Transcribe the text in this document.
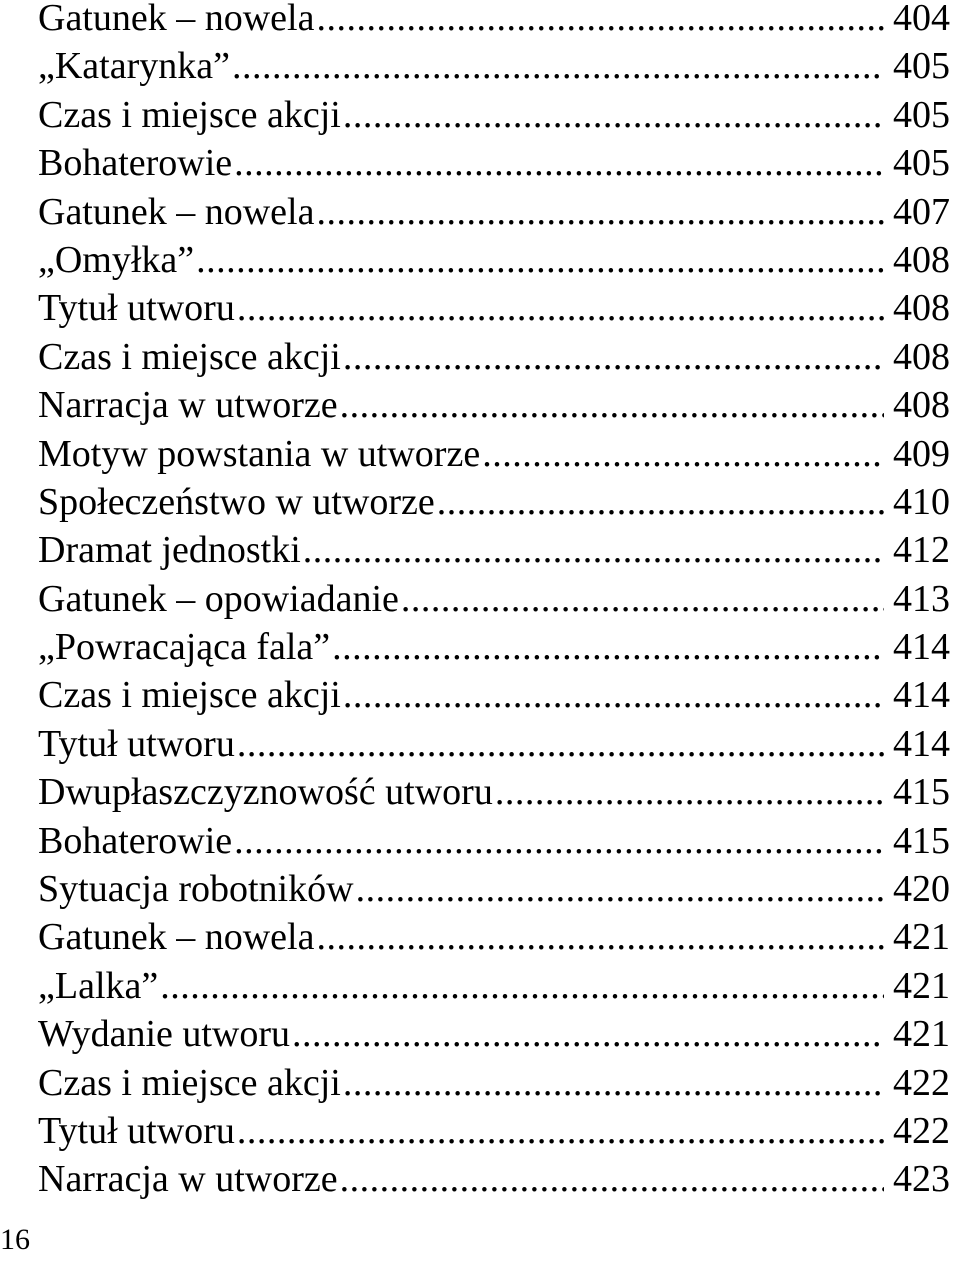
Gatunek – nowela .....	404
„Katarynka” .....	405
Czas i miejsce akcji .....	405
Bohaterowie .....	405
Gatunek – nowela .....	407
„Omyłka” .....	408
Tytuł utworu .....	408
Czas i miejsce akcji .....	408
Narracja w utworze .....	408
Motyw powstania w utworze .....	409
Społeczeństwo w utworze .....	410
Dramat jednostki .....	412
Gatunek – opowiadanie .....	413
„Powracająca fala” .....	414
Czas i miejsce akcji .....	414
Tytuł utworu .....	414
Dwupłaszczyznowość utworu .....	415
Bohaterowie .....	415
Sytuacja robotników .....	420
Gatunek – nowela .....	421
„Lalka” .....	421
Wydanie utworu .....	421
Czas i miejsce akcji .....	422
Tytuł utworu .....	422
Narracja w utworze .....	423
16
